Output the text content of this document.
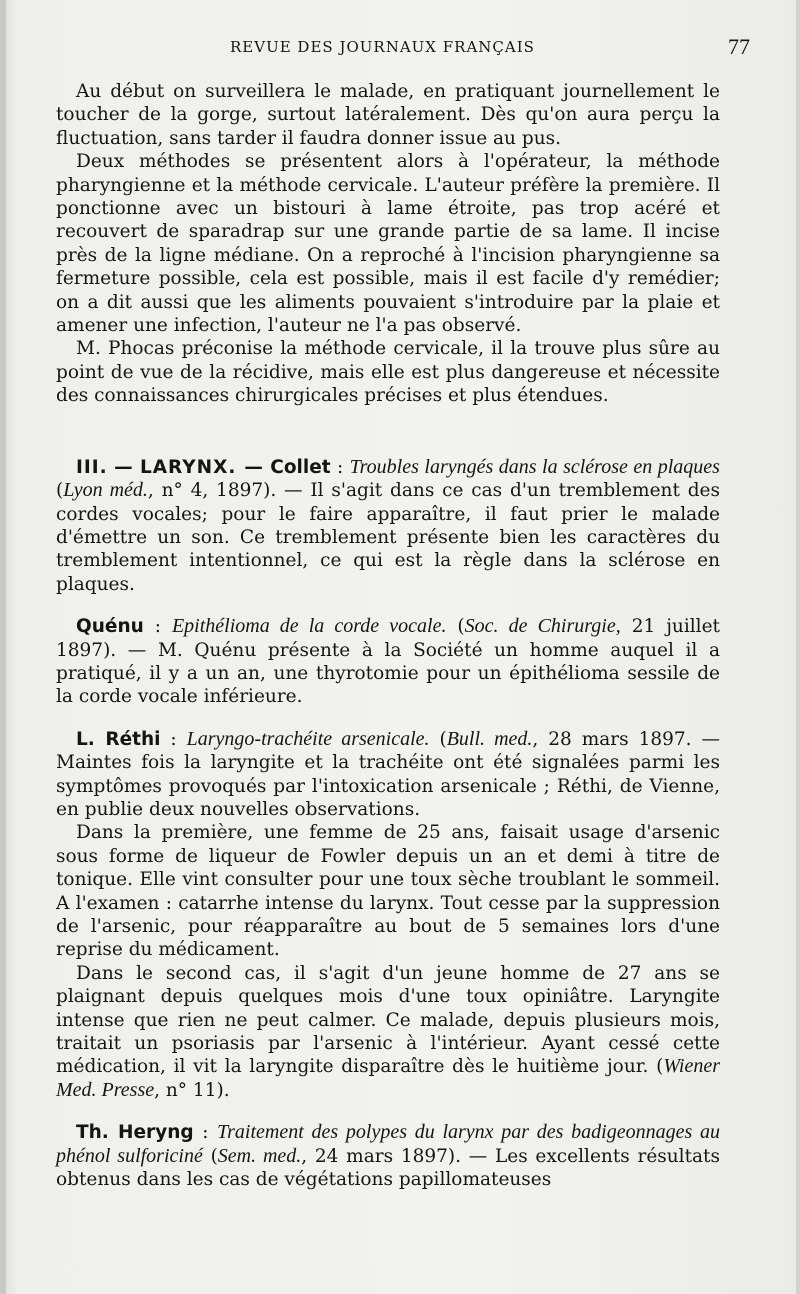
REVUE DES JOURNAUX FRANÇAIS	77

Au début on surveillera le malade, en pratiquant journellement le toucher de la gorge, surtout latéralement. Dès qu'on aura perçu la fluctuation, sans tarder il faudra donner issue au pus.

Deux méthodes se présentent alors à l'opérateur, la méthode pharyngienne et la méthode cervicale. L'auteur préfère la première. Il ponctionne avec un bistouri à lame étroite, pas trop acéré et recouvert de sparadrap sur une grande partie de sa lame. Il incise près de la ligne médiane. On a reproché à l'incision pharyngienne sa fermeture possible, cela est possible, mais il est facile d'y remédier; on a dit aussi que les aliments pouvaient s'introduire par la plaie et amener une infection, l'auteur ne l'a pas observé.

M. Phocas préconise la méthode cervicale, il la trouve plus sûre au point de vue de la récidive, mais elle est plus dangereuse et nécessite des connaissances chirurgicales précises et plus étendues.

III. — LARYNX. — Collet : Troubles laryngés dans la sclérose en plaques (Lyon méd., n° 4, 1897). — Il s'agit dans ce cas d'un tremblement des cordes vocales; pour le faire apparaître, il faut prier le malade d'émettre un son. Ce tremblement présente bien les caractères du tremblement intentionnel, ce qui est la règle dans la sclérose en plaques.

Quénu : Epithélioma de la corde vocale. (Soc. de Chirurgie, 21 juillet 1897). — M. Quénu présente à la Société un homme auquel il a pratiqué, il y a un an, une thyrotomie pour un épithélioma sessile de la corde vocale inférieure.

L. Réthi : Laryngo-trachéite arsenicale. (Bull. med., 28 mars 1897. — Maintes fois la laryngite et la trachéite ont été signalées parmi les symptômes provoqués par l'intoxication arsenicale ; Réthi, de Vienne, en publie deux nouvelles observations.

Dans la première, une femme de 25 ans, faisait usage d'arsenic sous forme de liqueur de Fowler depuis un an et demi à titre de tonique. Elle vint consulter pour une toux sèche troublant le sommeil. A l'examen : catarrhe intense du larynx. Tout cesse par la suppression de l'arsenic, pour réapparaître au bout de 5 semaines lors d'une reprise du médicament.

Dans le second cas, il s'agit d'un jeune homme de 27 ans se plaignant depuis quelques mois d'une toux opiniâtre. Laryngite intense que rien ne peut calmer. Ce malade, depuis plusieurs mois, traitait un psoriasis par l'arsenic à l'intérieur. Ayant cessé cette médication, il vit la laryngite disparaître dès le huitième jour. (Wiener Med. Presse, n° 11).

Th. Heryng : Traitement des polypes du larynx par des badigeonnages au phénol sulforiciné (Sem. med., 24 mars 1897). — Les excellents résultats obtenus dans les cas de végétations papillomateuses
